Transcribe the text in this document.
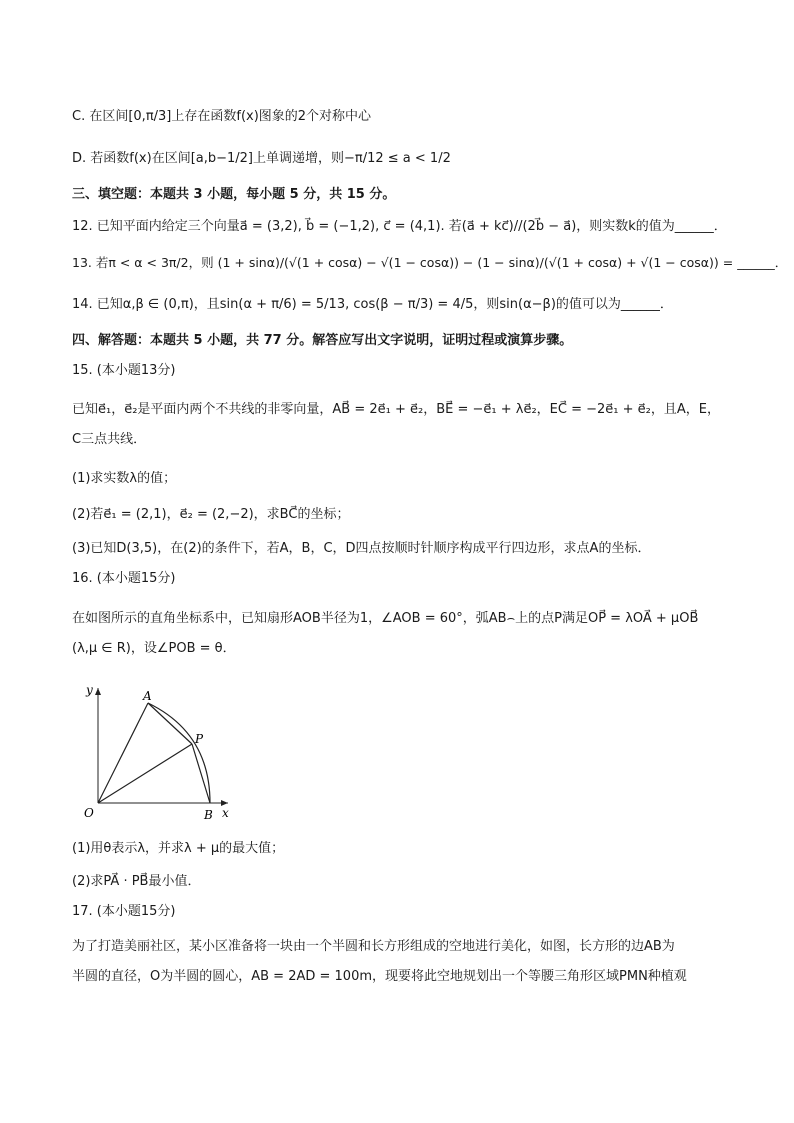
C. 在区间[0,π/3]上存在函数f(x)图象的2个对称中心
D. 若函数f(x)在区间[a,b−1/2]上单调递增，则−π/12 ≤ a < 1/2
三、填空题：本题共 3 小题，每小题 5 分，共 15 分。
12. 已知平面内给定三个向量a⃗ = (3,2), b⃗ = (−1,2), c⃗ = (4,1). 若(a⃗ + kc⃗)//(2b⃗ − a⃗)，则实数k的值为______．
13. 若π < α < 3π/2，则 (1 + sinα)/(√(1 + cosα) − √(1 − cosα)) − (1 − sinα)/(√(1 + cosα) + √(1 − cosα)) = ______．
14. 已知α,β ∈ (0,π)，且sin(α + π/6) = 5/13, cos(β − π/3) = 4/5，则sin(α−β)的值可以为______．
四、解答题：本题共 5 小题，共 77 分。解答应写出文字说明，证明过程或演算步骤。
15. (本小题13分)
已知e⃗₁，e⃗₂是平面内两个不共线的非零向量，AB⃗ = 2e⃗₁ + e⃗₂，BE⃗ = −e⃗₁ + λe⃗₂，EC⃗ = −2e⃗₁ + e⃗₂，且A，E，
C三点共线．
(1)求实数λ的值；
(2)若e⃗₁ = (2,1)，e⃗₂ = (2,−2)，求BC⃗的坐标；
(3)已知D(3,5)，在(2)的条件下，若A，B，C，D四点按顺时针顺序构成平行四边形，求点A的坐标．
16. (本小题15分)
在如图所示的直角坐标系中，已知扇形AOB半径为1，∠AOB = 60°，弧AB⌢上的点P满足OP⃗ = λOA⃗ + μOB⃗
(λ,μ ∈ R)，设∠POB = θ．
y
x
A
P
O	B
(1)用θ表示λ，并求λ + μ的最大值；
(2)求PA⃗ · PB⃗最小值．
17. (本小题15分)
为了打造美丽社区，某小区准备将一块由一个半圆和长方形组成的空地进行美化，如图，长方形的边AB为
半圆的直径，O为半圆的圆心，AB = 2AD = 100m，现要将此空地规划出一个等腰三角形区域PMN种植观
